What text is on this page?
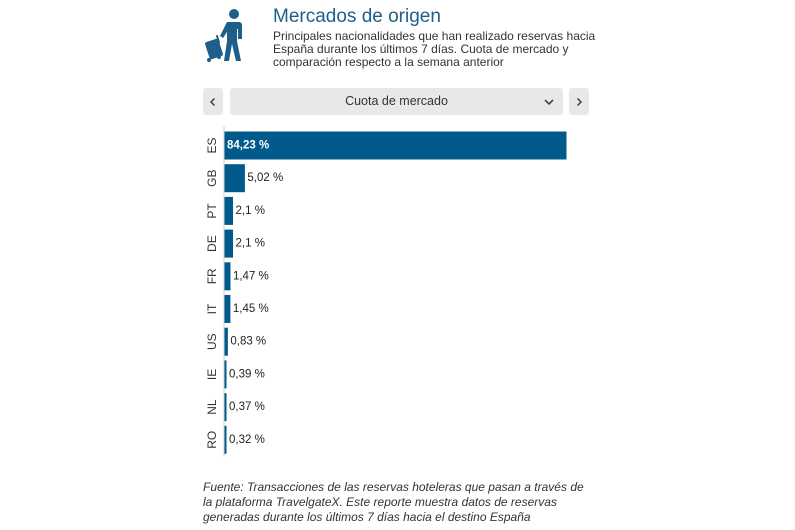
Mercados de origen
Principales nacionalidades que han realizado reservas hacia España durante los últimos 7 días. Cuota de mercado y comparación respecto a la semana anterior
Cuota de mercado
ES 84,23 %
GB 5,02 %
PT 2,1 %
DE 2,1 %
FR 1,47 %
IT 1,45 %
US 0,83 %
IE 0,39 %
NL 0,37 %
RO 0,32 %
Fuente: Transacciones de las reservas hoteleras que pasan a través de la plataforma TravelgateX. Este reporte muestra datos de reservas generadas durante los últimos 7 días hacia el destino España
